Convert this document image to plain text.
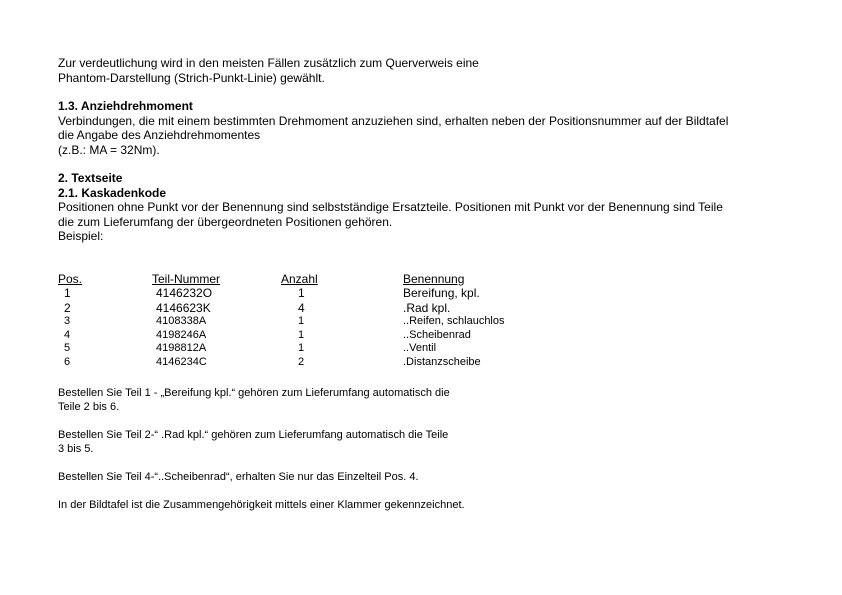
Zur verdeutlichung wird in den meisten Fällen zusätzlich zum Querverweis eine

Phantom-Darstellung (Strich-Punkt-Linie) gewählt.

1.3. Anziehdrehmoment

Verbindungen, die mit einem bestimmten Drehmoment anzuziehen sind, erhalten neben der Positionsnummer auf der Bildtafel

die Angabe des Anziehdrehmomentes

(z.B.: MA = 32Nm).

2. Textseite

2.1. Kaskadenkode

Positionen ohne Punkt vor der Benennung sind selbstständige Ersatzteile. Positionen mit Punkt vor der Benennung sind Teile

die zum Lieferumfang der übergeordneten Positionen gehören.

Beispiel:

Pos.	Teil-Nummer	Anzahl	Benennung
1	4146232O	1	Bereifung, kpl.
2	4146623K	4	.Rad kpl.
3	4108338A	1	..Reifen, schlauchlos
4	4198246A	1	..Scheibenrad
5	4198812A	1	..Ventil
6	4146234C	2	.Distanzscheibe

Bestellen Sie Teil 1 - „Bereifung kpl.“ gehören zum Lieferumfang automatisch die

Teile 2 bis 6.

Bestellen Sie Teil 2-“ .Rad kpl.“ gehören zum Lieferumfang automatisch die Teile

3 bis 5.

Bestellen Sie Teil 4-“..Scheibenrad“, erhalten Sie nur das Einzelteil Pos. 4.

In der Bildtafel ist die Zusammengehörigkeit mittels einer Klammer gekennzeichnet.
